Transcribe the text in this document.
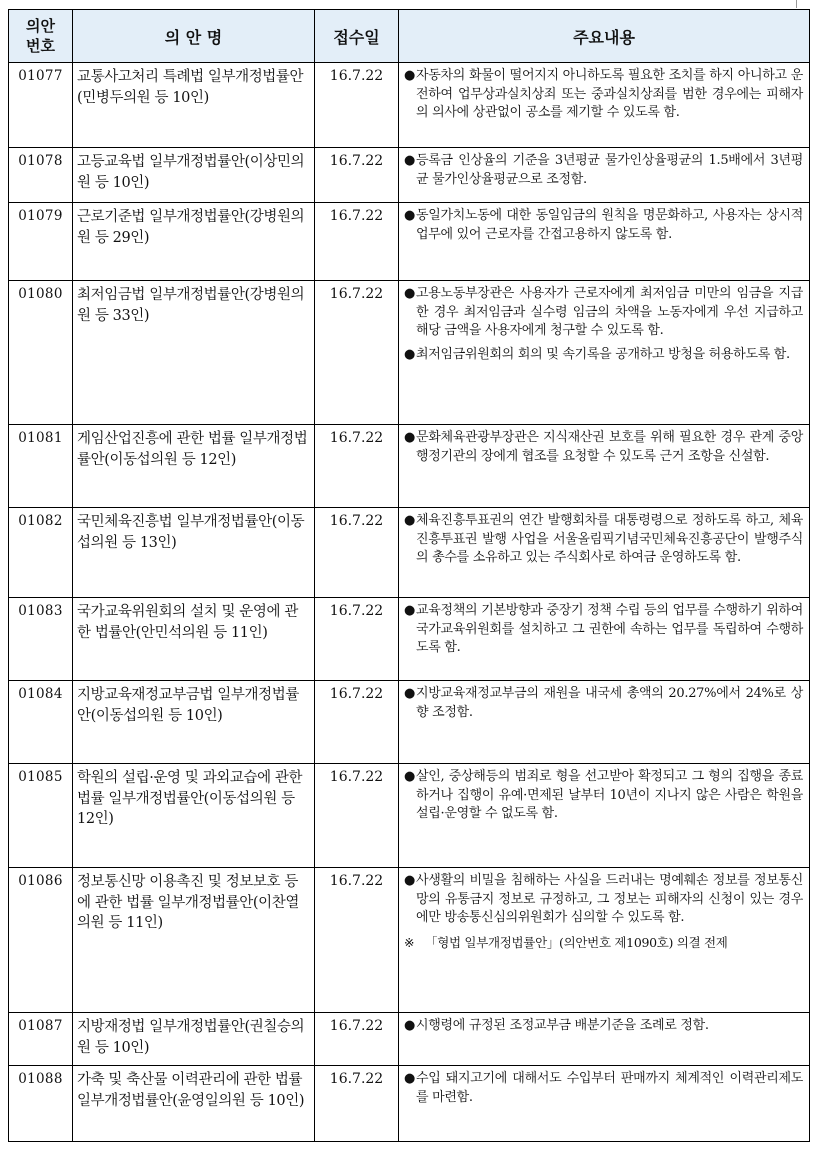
의안
번호	의 안 명	접수일	주요내용
01077	교통사고처리 특례법 일부개정법률안(민병두의원 등 10인)	16.7.22	● 자동차의 화물이 떨어지지 아니하도록 필요한 조치를 하지 아니하고 운전하여 업무상과실치상죄 또는 중과실치상죄를 범한 경우에는 피해자의 의사에 상관없이 공소를 제기할 수 있도록 함.

01078	고등교육법 일부개정법률안(이상민의원 등 10인)	16.7.22	● 등록금 인상율의 기준을 3년평균 물가인상율평균의 1.5배에서 3년평균 물가인상율평균으로 조정함.

01079	근로기준법 일부개정법률안(강병원의원 등 29인)	16.7.22	● 동일가치노동에 대한 동일임금의 원칙을 명문화하고, 사용자는 상시적 업무에 있어 근로자를 간접고용하지 않도록 함.

01080	최저임금법 일부개정법률안(강병원의원 등 33인)	16.7.22	● 고용노동부장관은 사용자가 근로자에게 최저임금 미만의 임금을 지급한 경우 최저임금과 실수령 임금의 차액을 노동자에게 우선 지급하고 해당 금액을 사용자에게 청구할 수 있도록 함.
● 최저임금위원회의 회의 및 속기록을 공개하고 방청을 허용하도록 함.

01081	게임산업진흥에 관한 법률 일부개정법률안(이동섭의원 등 12인)	16.7.22	● 문화체육관광부장관은 지식재산권 보호를 위해 필요한 경우 관계 중앙행정기관의 장에게 협조를 요청할 수 있도록 근거 조항을 신설함.

01082	국민체육진흥법 일부개정법률안(이동섭의원 등 13인)	16.7.22	● 체육진흥투표권의 연간 발행회차를 대통령령으로 정하도록 하고, 체육진흥투표권 발행 사업을 서울올림픽기념국민체육진흥공단이 발행주식의 총수를 소유하고 있는 주식회사로 하여금 운영하도록 함.

01083	국가교육위원회의 설치 및 운영에 관한 법률안(안민석의원 등 11인)	16.7.22	● 교육정책의 기본방향과 중장기 정책 수립 등의 업무를 수행하기 위하여 국가교육위원회를 설치하고 그 권한에 속하는 업무를 독립하여 수행하도록 함.

01084	지방교육재정교부금법 일부개정법률안(이동섭의원 등 10인)	16.7.22	● 지방교육재정교부금의 재원을 내국세 총액의 20.27%에서 24%로 상향 조정함.

01085	학원의 설립·운영 및 과외교습에 관한 법률 일부개정법률안(이동섭의원 등 12인)	16.7.22	● 살인, 중상해등의 범죄로 형을 선고받아 확정되고 그 형의 집행을 종료하거나 집행이 유예·면제된 날부터 10년이 지나지 않은 사람은 학원을 설립·운영할 수 없도록 함.

01086	정보통신망 이용촉진 및 정보보호 등에 관한 법률 일부개정법률안(이찬열의원 등 11인)	16.7.22	● 사생활의 비밀을 침해하는 사실을 드러내는 명예훼손 정보를 정보통신망의 유통금지 정보로 규정하고, 그 정보는 피해자의 신청이 있는 경우에만 방송통신심의위원회가 심의할 수 있도록 함.
※ 「형법 일부개정법률안」(의안번호 제1090호) 의결 전제

01087	지방재정법 일부개정법률안(권칠승의원 등 10인)	16.7.22	● 시행령에 규정된 조정교부금 배분기준을 조례로 정함.

01088	가축 및 축산물 이력관리에 관한 법률 일부개정법률안(윤영일의원 등 10인)	16.7.22	● 수입 돼지고기에 대해서도 수입부터 판매까지 체계적인 이력관리제도를 마련함.
